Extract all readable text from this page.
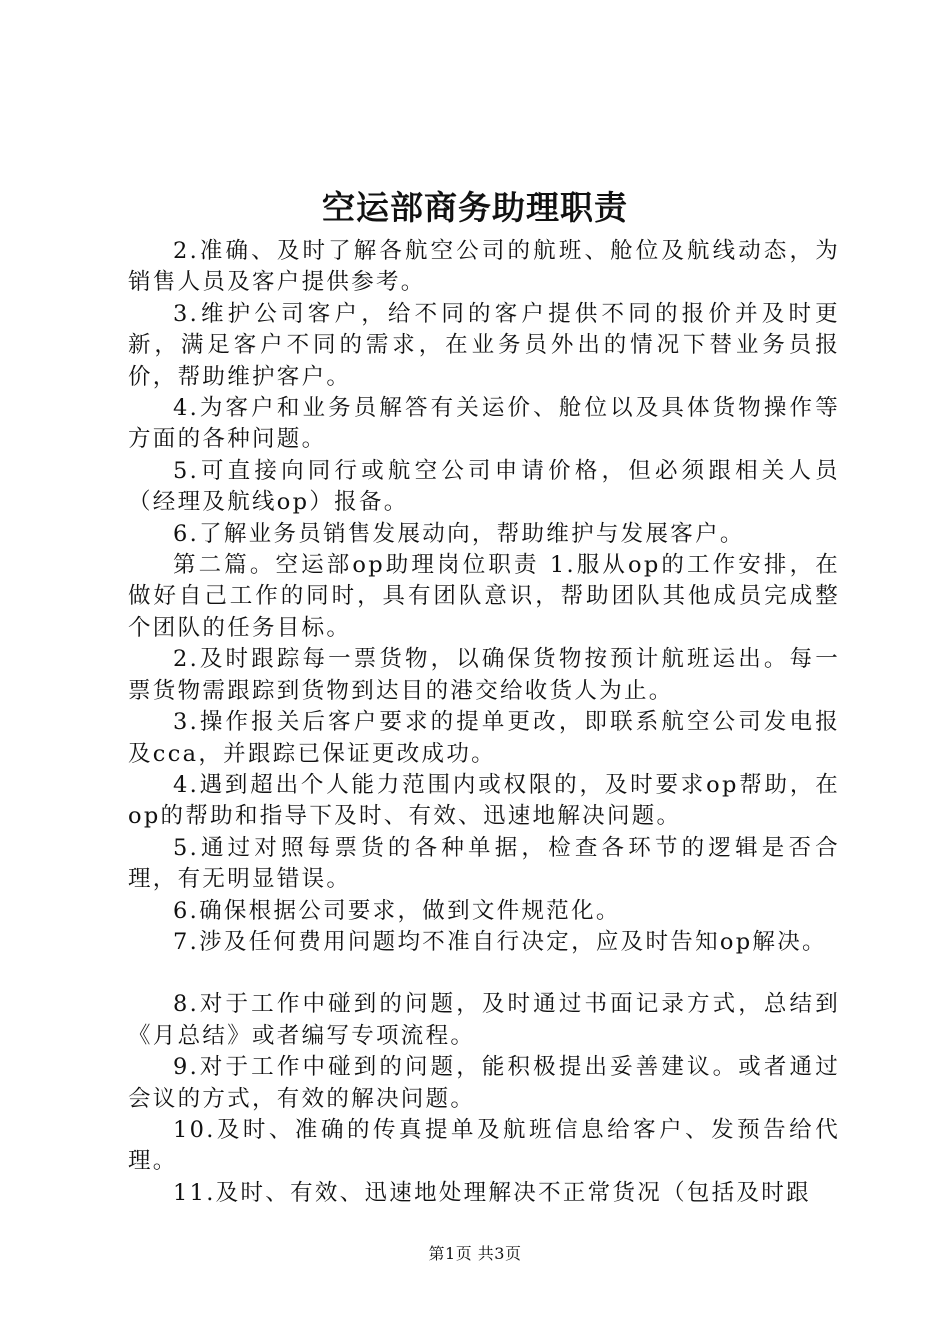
空运部商务助理职责

2.准确、及时了解各航空公司的航班、舱位及航线动态，为销售人员及客户提供参考。

3.维护公司客户，给不同的客户提供不同的报价并及时更新，满足客户不同的需求，在业务员外出的情况下替业务员报价，帮助维护客户。

4.为客户和业务员解答有关运价、舱位以及具体货物操作等方面的各种问题。

5.可直接向同行或航空公司申请价格，但必须跟相关人员（经理及航线op）报备。

6.了解业务员销售发展动向，帮助维护与发展客户。

第二篇。空运部op助理岗位职责 1.服从op的工作安排，在做好自己工作的同时，具有团队意识，帮助团队其他成员完成整个团队的任务目标。

2.及时跟踪每一票货物，以确保货物按预计航班运出。每一票货物需跟踪到货物到达目的港交给收货人为止。

3.操作报关后客户要求的提单更改，即联系航空公司发电报及cca，并跟踪已保证更改成功。

4.遇到超出个人能力范围内或权限的，及时要求op帮助，在op的帮助和指导下及时、有效、迅速地解决问题。

5.通过对照每票货的各种单据，检查各环节的逻辑是否合理，有无明显错误。

6.确保根据公司要求，做到文件规范化。

7.涉及任何费用问题均不准自行决定，应及时告知op解决。

8.对于工作中碰到的问题，及时通过书面记录方式，总结到《月总结》或者编写专项流程。

9.对于工作中碰到的问题，能积极提出妥善建议。或者通过会议的方式，有效的解决问题。

10.及时、准确的传真提单及航班信息给客户、发预告给代理。

11.及时、有效、迅速地处理解决不正常货况（包括及时跟

第1页 共3页
